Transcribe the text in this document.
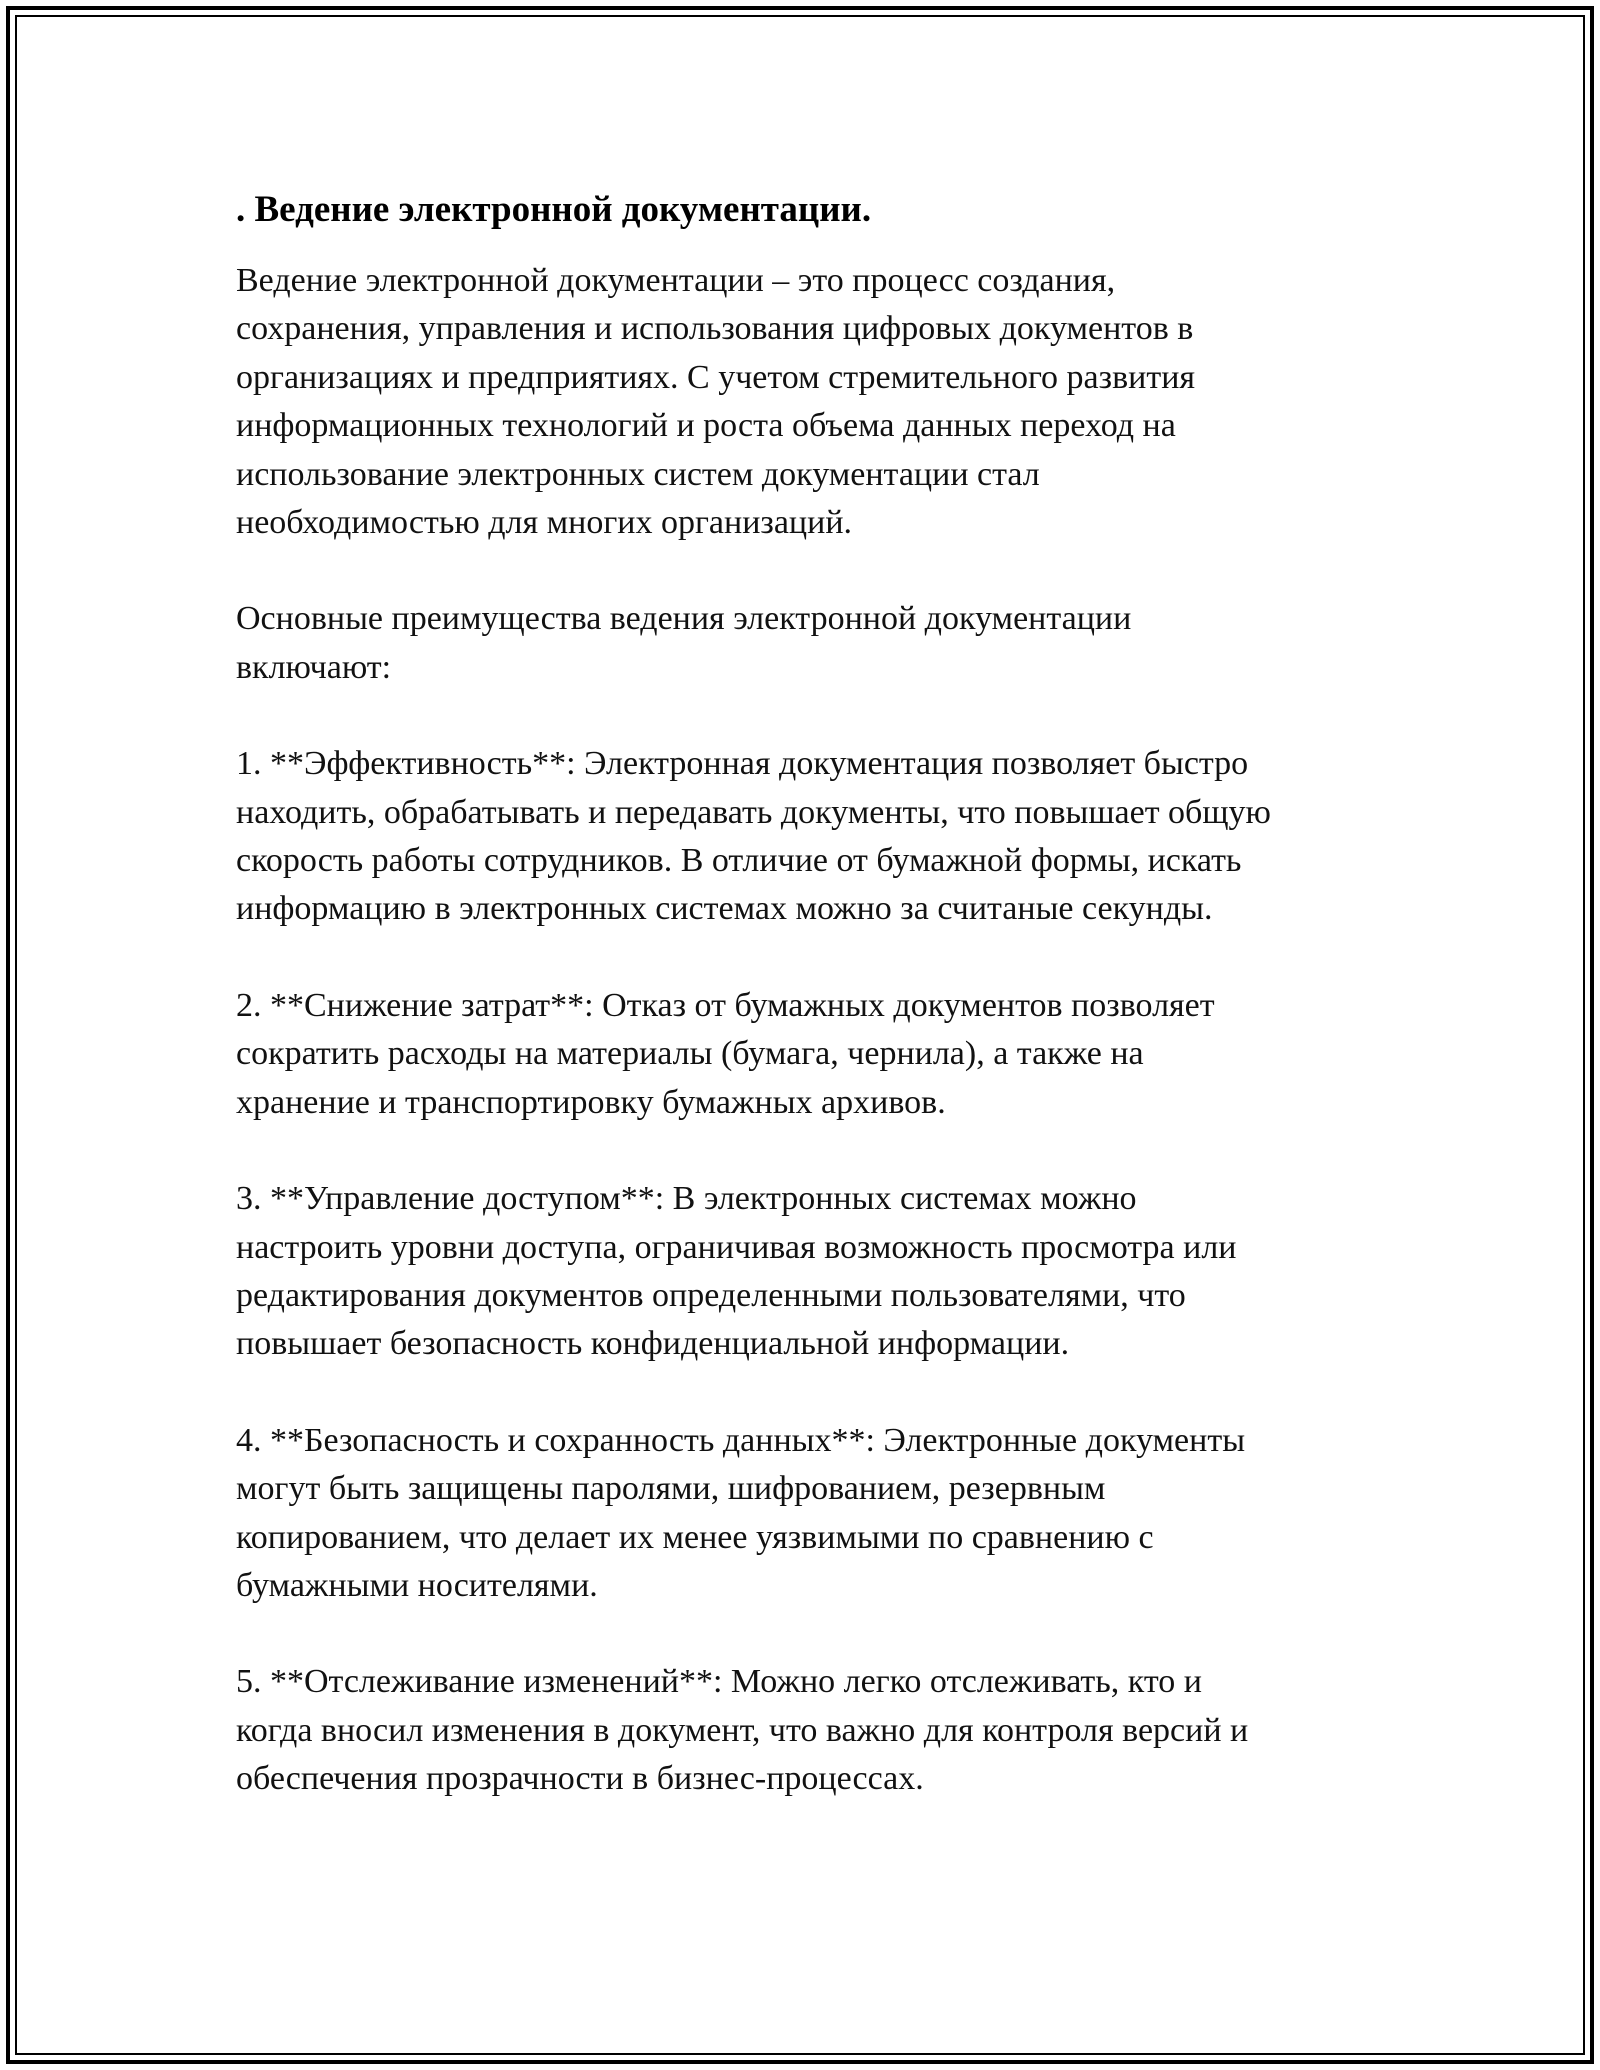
. Ведение электронной документации.

Ведение электронной документации – это процесс создания,
сохранения, управления и использования цифровых документов в
организациях и предприятиях. С учетом стремительного развития
информационных технологий и роста объема данных переход на
использование электронных систем документации стал
необходимостью для многих организаций.

Основные преимущества ведения электронной документации
включают:

1. **Эффективность**: Электронная документация позволяет быстро
находить, обрабатывать и передавать документы, что повышает общую
скорость работы сотрудников. В отличие от бумажной формы, искать
информацию в электронных системах можно за считаные секунды.

2. **Снижение затрат**: Отказ от бумажных документов позволяет
сократить расходы на материалы (бумага, чернила), а также на
хранение и транспортировку бумажных архивов.

3. **Управление доступом**: В электронных системах можно
настроить уровни доступа, ограничивая возможность просмотра или
редактирования документов определенными пользователями, что
повышает безопасность конфиденциальной информации.

4. **Безопасность и сохранность данных**: Электронные документы
могут быть защищены паролями, шифрованием, резервным
копированием, что делает их менее уязвимыми по сравнению с
бумажными носителями.

5. **Отслеживание изменений**: Можно легко отслеживать, кто и
когда вносил изменения в документ, что важно для контроля версий и
обеспечения прозрачности в бизнес-процессах.
